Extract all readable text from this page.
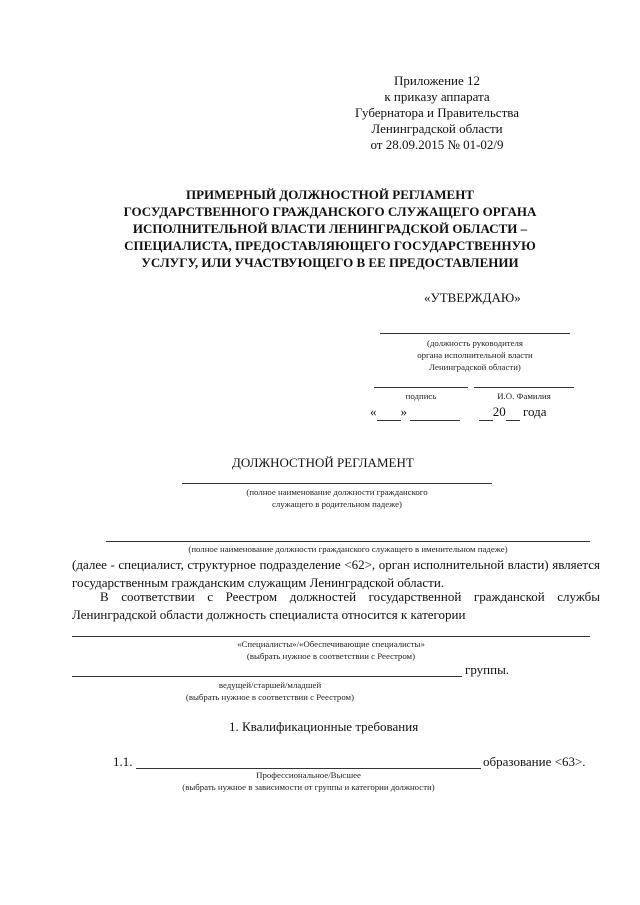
Приложение 12
к приказу аппарата
Губернатора и Правительства
Ленинградской области
от 28.09.2015 № 01-02/9
ПРИМЕРНЫЙ ДОЛЖНОСТНОЙ РЕГЛАМЕНТ
ГОСУДАРСТВЕННОГО ГРАЖДАНСКОГО СЛУЖАЩЕГО ОРГАНА
ИСПОЛНИТЕЛЬНОЙ ВЛАСТИ ЛЕНИНГРАДСКОЙ ОБЛАСТИ –
СПЕЦИАЛИСТА, ПРЕДОСТАВЛЯЮЩЕГО ГОСУДАРСТВЕННУЮ
УСЛУГУ, ИЛИ УЧАСТВУЮЩЕГО В ЕЕ ПРЕДОСТАВЛЕНИИ
«УТВЕРЖДАЮ»
(должность руководителя
органа исполнительной власти
Ленинградской области)
подпись	И.О. Фамилия
« »	20 года
ДОЛЖНОСТНОЙ РЕГЛАМЕНТ
(полное наименование должности гражданского
служащего в родительном падеже)
(полное наименование должности гражданского служащего в именительном падеже)
(далее - специалист, структурное подразделение <62>, орган исполнительной власти) является государственным гражданским служащим Ленинградской области.
В соответствии с Реестром должностей государственной гражданской службы Ленинградской области должность специалиста относится к категории
«Специалисты»/«Обеспечивающие специалисты»
(выбрать нужное в соответствии с Реестром)
группы.
ведущей/старшей/младшей
(выбрать нужное в соответствии с Реестром)
1. Квалификационные требования
1.1.	образование <63>.
Профессиональное/Высшее
(выбрать нужное в зависимости от группы и категории должности)
